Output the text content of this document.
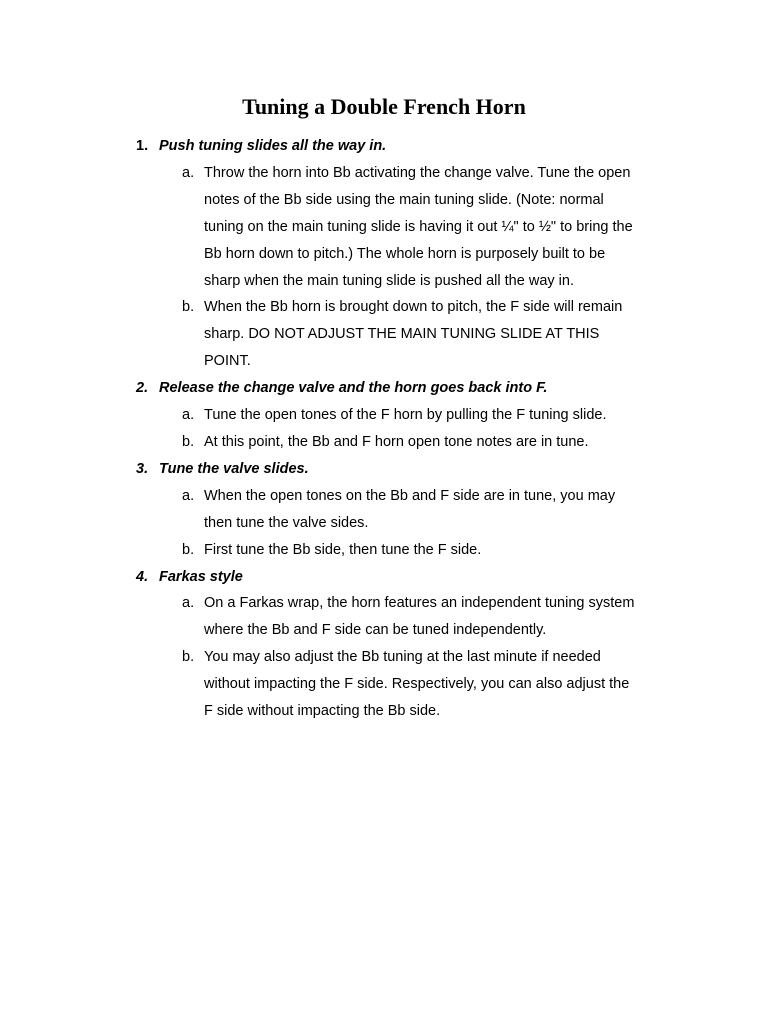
Tuning a Double French Horn
1. Push tuning slides all the way in.
a. Throw the horn into Bb activating the change valve. Tune the open
notes of the Bb side using the main tuning slide. (Note: normal
tuning on the main tuning slide is having it out ¼" to ½" to bring the
Bb horn down to pitch.) The whole horn is purposely built to be
sharp when the main tuning slide is pushed all the way in.
b. When the Bb horn is brought down to pitch, the F side will remain
sharp. DO NOT ADJUST THE MAIN TUNING SLIDE AT THIS
POINT.
2. Release the change valve and the horn goes back into F.
a. Tune the open tones of the F horn by pulling the F tuning slide.
b. At this point, the Bb and F horn open tone notes are in tune.
3. Tune the valve slides.
a. When the open tones on the Bb and F side are in tune, you may
then tune the valve sides.
b. First tune the Bb side, then tune the F side.
4. Farkas style
a. On a Farkas wrap, the horn features an independent tuning system
where the Bb and F side can be tuned independently.
b. You may also adjust the Bb tuning at the last minute if needed
without impacting the F side. Respectively, you can also adjust the
F side without impacting the Bb side.
